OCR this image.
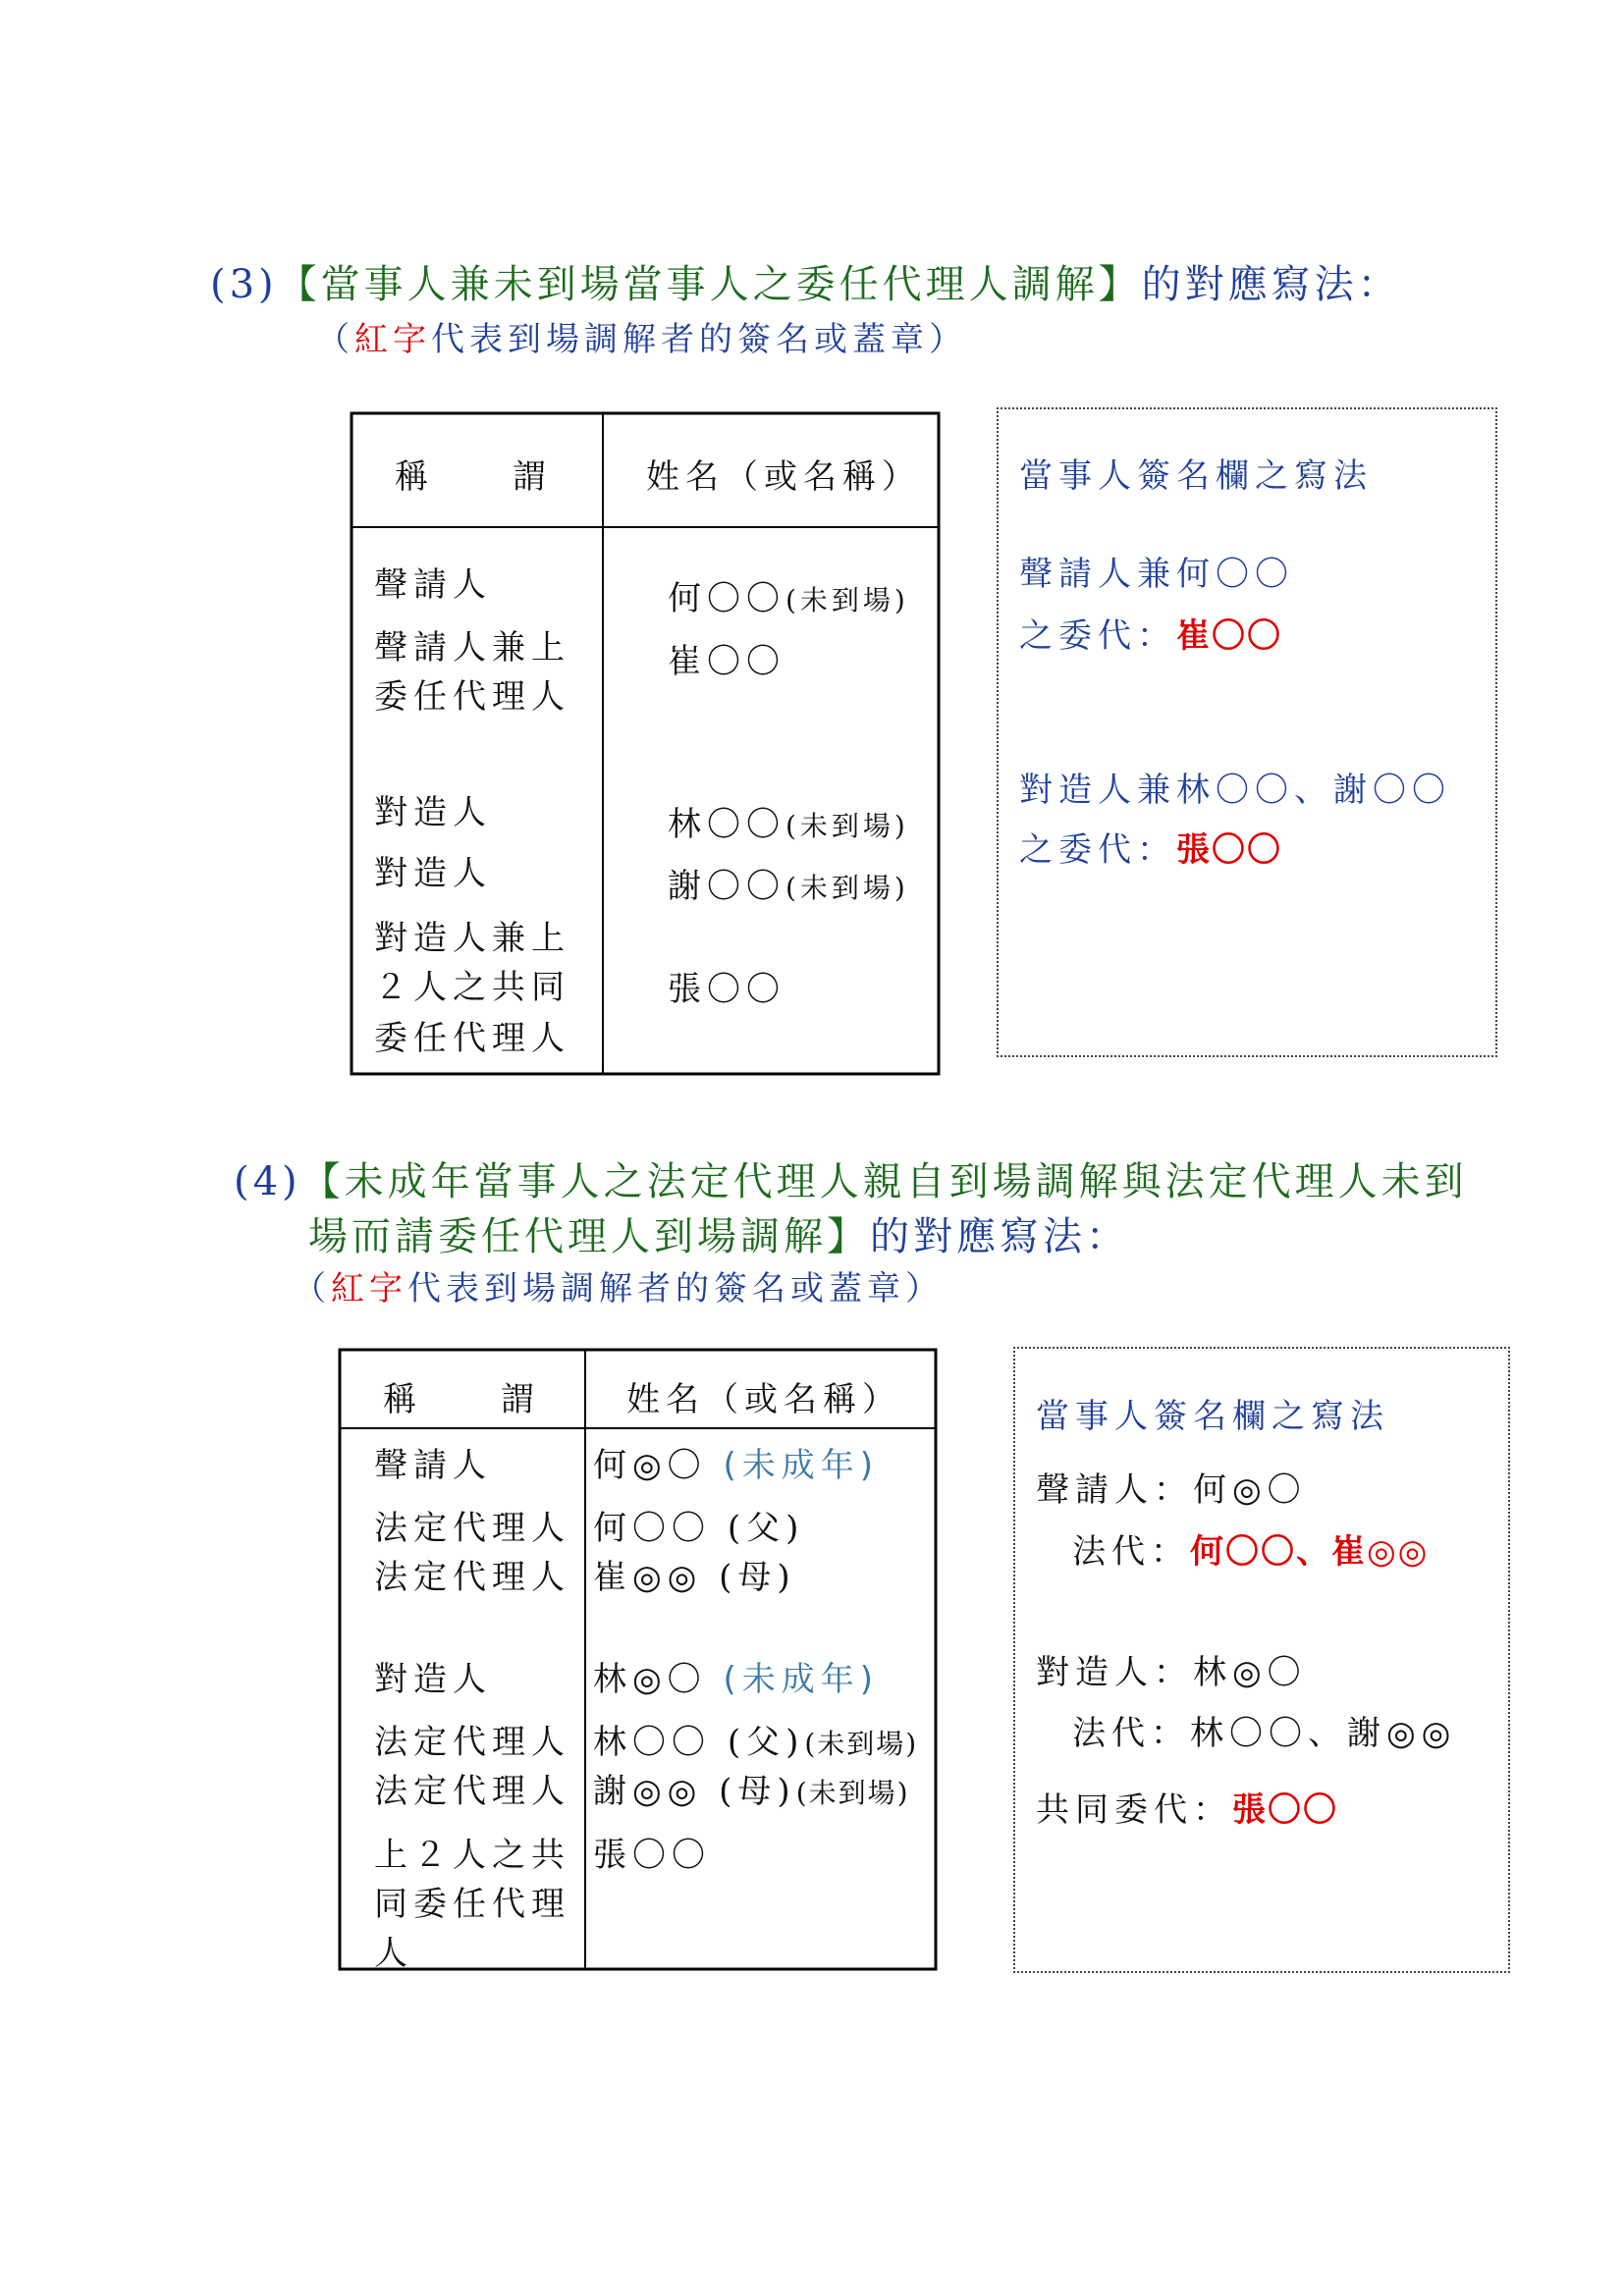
(3)【當事人兼未到場當事人之委任代理人調解】的對應寫法：
（紅字代表到場調解者的簽名或蓋章）
稱　　謂	姓名（或名稱）
聲請人
聲請人兼上
委任代理人
對造人
對造人
對造人兼上
２人之共同
委任代理人
何〇〇(未到場)
崔〇〇
林〇〇(未到場)
謝〇〇(未到場)
張〇〇
當事人簽名欄之寫法
聲請人兼何〇〇
之委代：崔〇〇
對造人兼林〇〇、謝〇〇
之委代：張〇〇
(4)【未成年當事人之法定代理人親自到場調解與法定代理人未到
場而請委任代理人到場調解】的對應寫法：
（紅字代表到場調解者的簽名或蓋章）
稱　　謂	姓名（或名稱）
聲請人
法定代理人
法定代理人
對造人
法定代理人
法定代理人
上２人之共
同委任代理
人
何◎〇 (未成年)
何〇〇 (父)
崔◎◎ (母)
林◎〇 (未成年)
林〇〇 (父)(未到場)
謝◎◎ (母)(未到場)
張〇〇
當事人簽名欄之寫法
聲請人：何◎〇
法代：何〇〇、崔◎◎
對造人：林◎〇
法代：林〇〇、謝◎◎
共同委代：張〇〇
